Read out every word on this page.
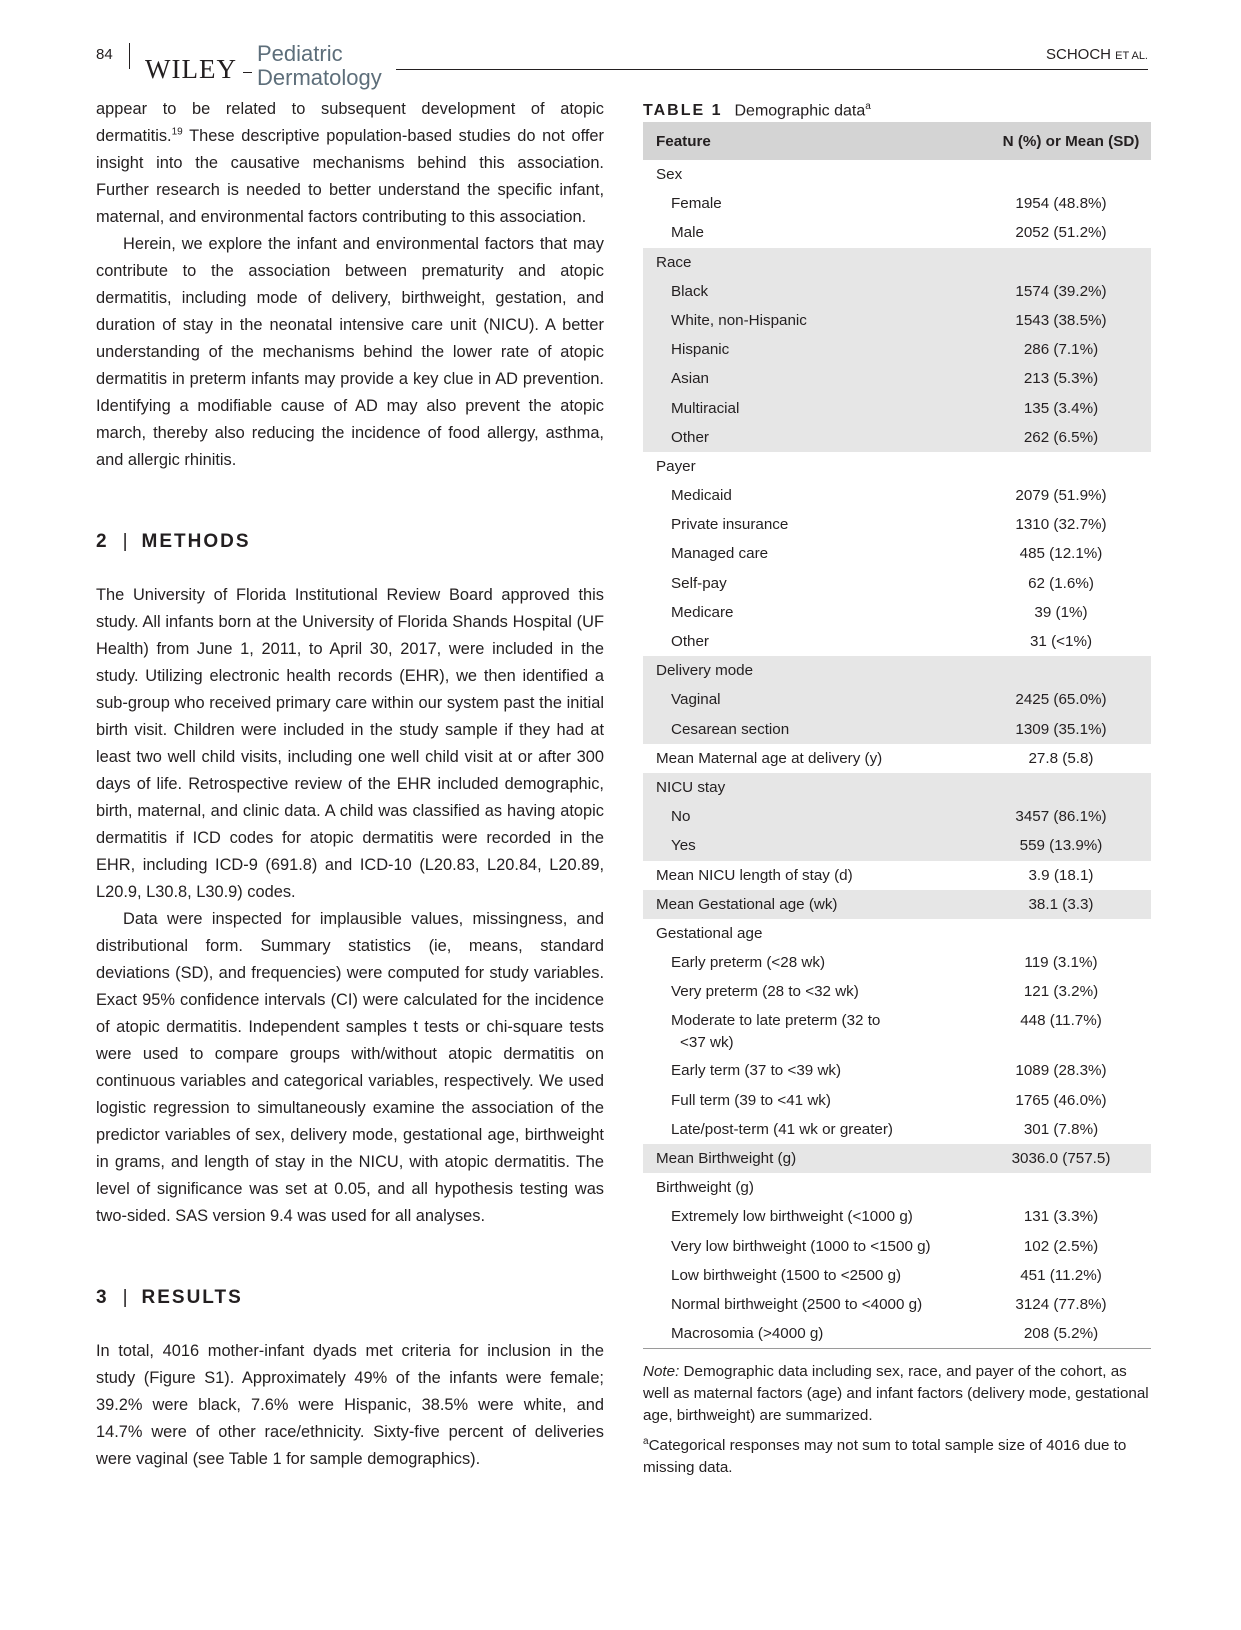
84 WILEY
Pediatric
Dermatology
SCHOCH ET AL.

appear to be related to subsequent development of atopic dermatitis.$^{19}$ These descriptive population-based studies do not offer insight into the causative mechanisms behind this association. Further research is needed to better understand the specific infant, maternal, and environmental factors contributing to this association.

Herein, we explore the infant and environmental factors that may contribute to the association between prematurity and atopic dermatitis, including mode of delivery, birthweight, gestation, and duration of stay in the neonatal intensive care unit (NICU). A better understanding of the mechanisms behind the lower rate of atopic dermatitis in preterm infants may provide a key clue in AD prevention. Identifying a modifiable cause of AD may also prevent the atopic march, thereby also reducing the incidence of food allergy, asthma, and allergic rhinitis.

2 | METHODS

The University of Florida Institutional Review Board approved this study. All infants born at the University of Florida Shands Hospital (UF Health) from June 1, 2011, to April 30, 2017, were included in the study. Utilizing electronic health records (EHR), we then identified a sub-group who received primary care within our system past the initial birth visit. Children were included in the study sample if they had at least two well child visits, including one well child visit at or after 300 days of life. Retrospective review of the EHR included demographic, birth, maternal, and clinic data. A child was classified as having atopic dermatitis if ICD codes for atopic dermatitis were recorded in the EHR, including ICD-9 (691.8) and ICD-10 (L20.83, L20.84, L20.89, L20.9, L30.8, L30.9) codes.

Data were inspected for implausible values, missingness, and distributional form. Summary statistics (ie, means, standard deviations (SD), and frequencies) were computed for study variables. Exact 95% confidence intervals (CI) were calculated for the incidence of atopic dermatitis. Independent samples t tests or chi-square tests were used to compare groups with/without atopic dermatitis on continuous variables and categorical variables, respectively. We used logistic regression to simultaneously examine the association of the predictor variables of sex, delivery mode, gestational age, birthweight in grams, and length of stay in the NICU, with atopic dermatitis. The level of significance was set at 0.05, and all hypothesis testing was two-sided. SAS version 9.4 was used for all analyses.

3 | RESULTS

In total, 4016 mother-infant dyads met criteria for inclusion in the study (Figure S1). Approximately 49% of the infants were female; 39.2% were black, 7.6% were Hispanic, 38.5% were white, and 14.7% were of other race/ethnicity. Sixty-five percent of deliveries were vaginal (see Table 1 for sample demographics).

TABLE 1 Demographic data$^a$
Feature	N (%) or Mean (SD)
Sex	
Female	1954 (48.8%)
Male	2052 (51.2%)
Race	
Black	1574 (39.2%)
White, non-Hispanic	1543 (38.5%)
Hispanic	286 (7.1%)
Asian	213 (5.3%)
Multiracial	135 (3.4%)
Other	262 (6.5%)
Payer	
Medicaid	2079 (51.9%)
Private insurance	1310 (32.7%)
Managed care	485 (12.1%)
Self-pay	62 (1.6%)
Medicare	39 (1%)
Other	31 (<1%)
Delivery mode	
Vaginal	2425 (65.0%)
Cesarean section	1309 (35.1%)
Mean Maternal age at delivery (y)	27.8 (5.8)
NICU stay	
No	3457 (86.1%)
Yes	559 (13.9%)
Mean NICU length of stay (d)	3.9 (18.1)
Mean Gestational age (wk)	38.1 (3.3)
Gestational age	
Early preterm (<28 wk)	119 (3.1%)
Very preterm (28 to <32 wk)	121 (3.2%)

Moderate to late preterm (32 to
<37 wk)	448 (11.7%)
Early term (37 to <39 wk)	1089 (28.3%)
Full term (39 to <41 wk)	1765 (46.0%)
Late/post-term (41 wk or greater)	301 (7.8%)
Mean Birthweight (g)	3036.0 (757.5)
Birthweight (g)	
Extremely low birthweight (<1000 g)	131 (3.3%)
Very low birthweight (1000 to <1500 g)	102 (2.5%)
Low birthweight (1500 to <2500 g)	451 (11.2%)
Normal birthweight (2500 to <4000 g)	3124 (77.8%)
Macrosomia (>4000 g)	208 (5.2%)

Note: Demographic data including sex, race, and payer of the cohort, as well as maternal factors (age) and infant factors (delivery mode, gestational age, birthweight) are summarized.

$^a$Categorical responses may not sum to total sample size of 4016 due to missing data.
